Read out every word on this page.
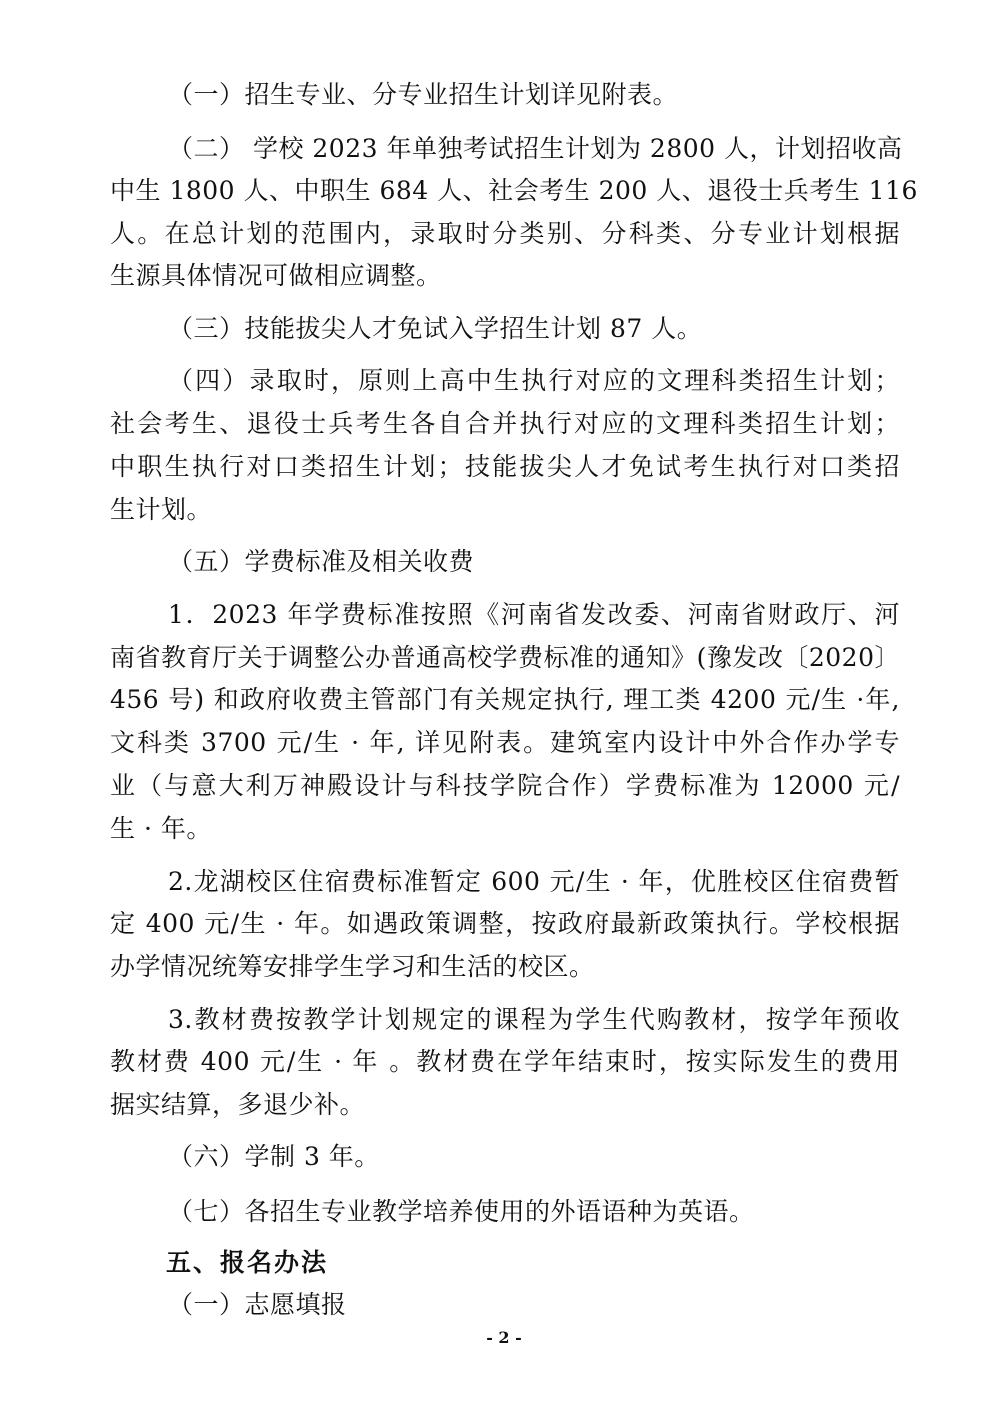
（一）招生专业、分专业招生计划详见附表。
（二） 学校 2023 年单独考试招生计划为 2800 人，计划招收高
中生 1800 人、中职生 684 人、社会考生 200 人、退役士兵考生 116
人。在总计划的范围内，录取时分类别、分科类、分专业计划根据
生源具体情况可做相应调整。
（三）技能拔尖人才免试入学招生计划 87 人。
（四）录取时，原则上高中生执行对应的文理科类招生计划；
社会考生、退役士兵考生各自合并执行对应的文理科类招生计划；
中职生执行对口类招生计划；技能拔尖人才免试考生执行对口类招
生计划。
（五）学费标准及相关收费
1．2023 年学费标准按照《河南省发改委、河南省财政厅、河
南省教育厅关于调整公办普通高校学费标准的通知》(豫发改〔2020〕
456 号) 和政府收费主管部门有关规定执行, 理工类 4200 元/生 ·年,
文科类 3700 元/生 · 年, 详见附表。建筑室内设计中外合作办学专
业（与意大利万神殿设计与科技学院合作）学费标准为 12000 元/
生 · 年。
2.龙湖校区住宿费标准暂定 600 元/生 · 年，优胜校区住宿费暂
定 400 元/生 · 年。如遇政策调整，按政府最新政策执行。学校根据
办学情况统筹安排学生学习和生活的校区。
3.教材费按教学计划规定的课程为学生代购教材，按学年预收
教材费 400 元/生 · 年 。教材费在学年结束时，按实际发生的费用
据实结算，多退少补。
（六）学制 3 年。
（七）各招生专业教学培养使用的外语语种为英语。
五、报名办法
（一）志愿填报
- 2 -
